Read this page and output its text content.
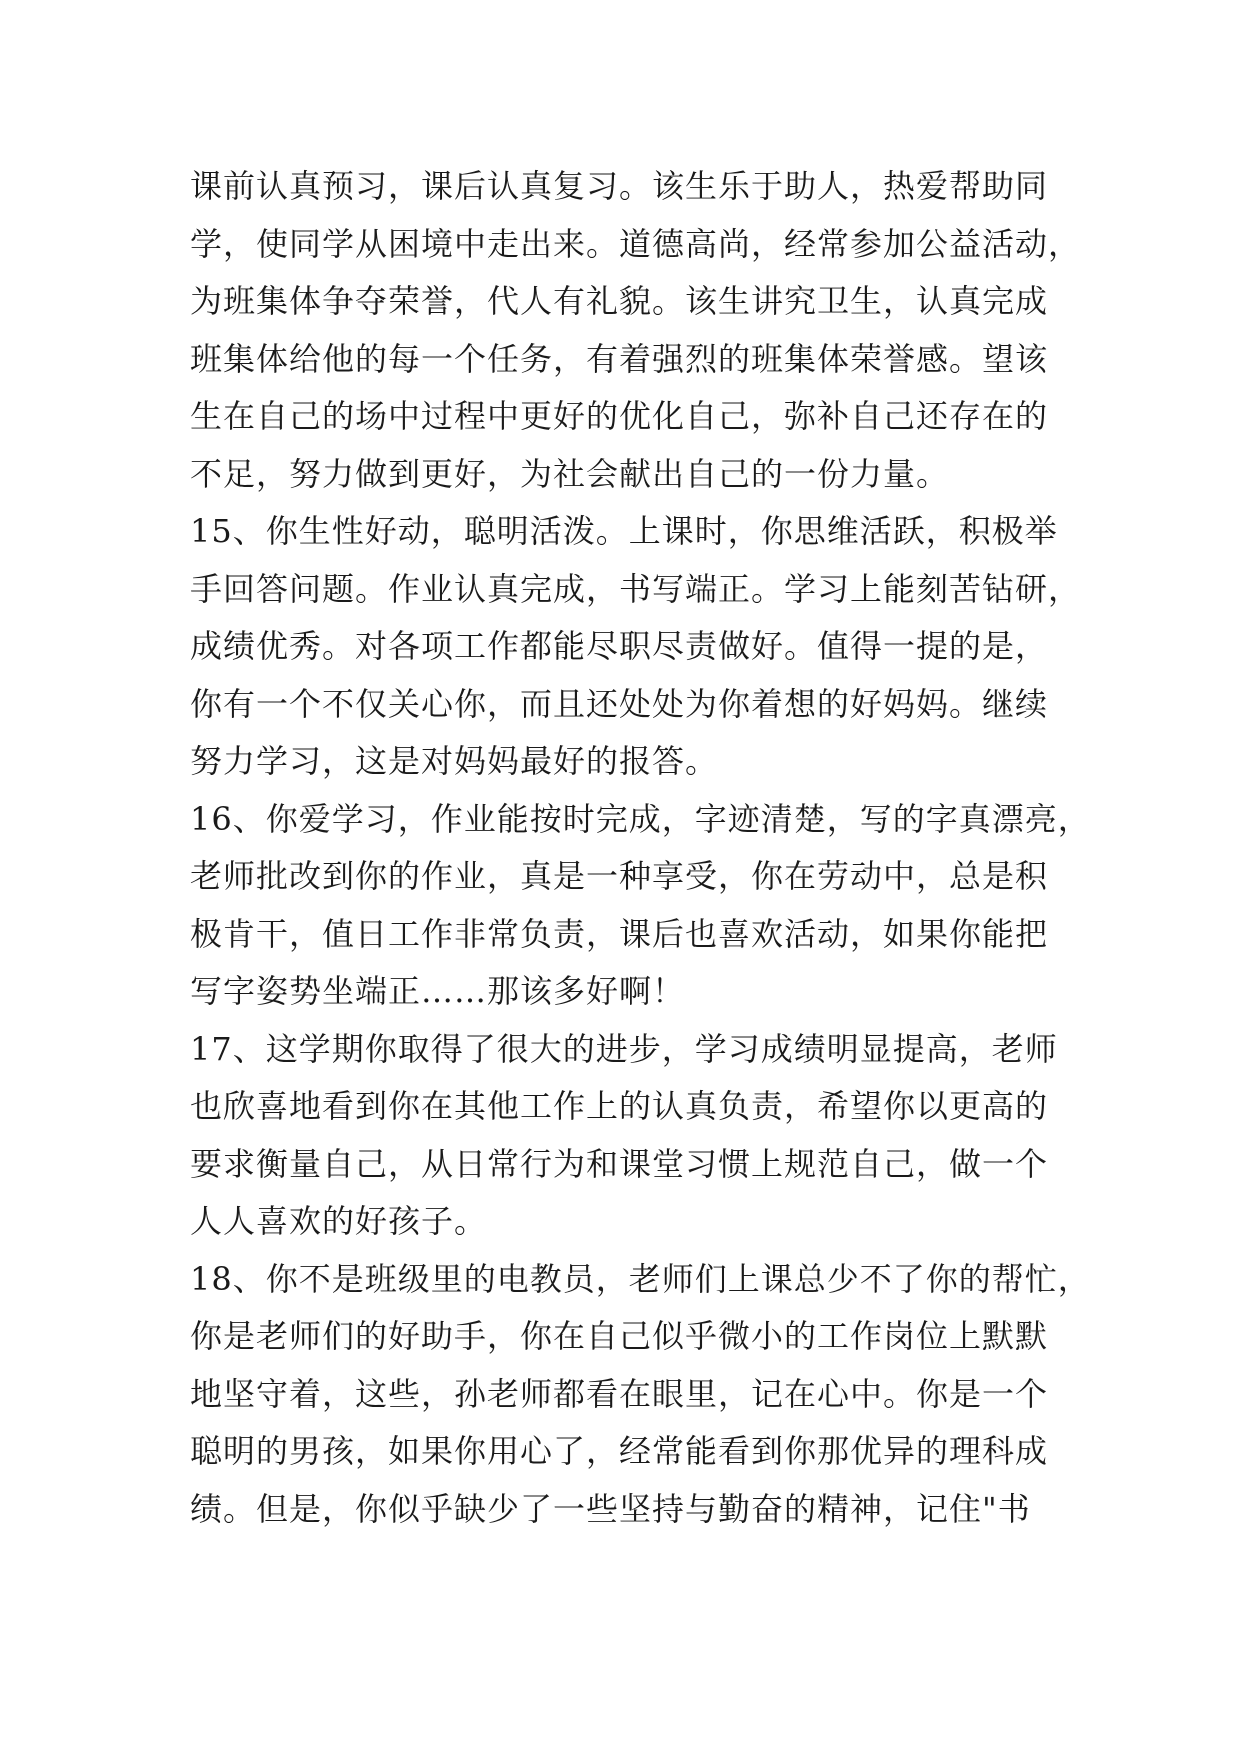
课前认真预习，课后认真复习。该生乐于助人，热爱帮助同
学，使同学从困境中走出来。道德高尚，经常参加公益活动，
为班集体争夺荣誉，代人有礼貌。该生讲究卫生，认真完成
班集体给他的每一个任务，有着强烈的班集体荣誉感。望该
生在自己的场中过程中更好的优化自己，弥补自己还存在的
不足，努力做到更好，为社会献出自己的一份力量。
15、你生性好动，聪明活泼。上课时，你思维活跃，积极举
手回答问题。作业认真完成，书写端正。学习上能刻苦钻研，
成绩优秀。对各项工作都能尽职尽责做好。值得一提的是，
你有一个不仅关心你，而且还处处为你着想的好妈妈。继续
努力学习，这是对妈妈最好的报答。
16、你爱学习，作业能按时完成，字迹清楚，写的字真漂亮，
老师批改到你的作业，真是一种享受，你在劳动中，总是积
极肯干，值日工作非常负责，课后也喜欢活动，如果你能把
写字姿势坐端正……那该多好啊！
17、这学期你取得了很大的进步，学习成绩明显提高，老师
也欣喜地看到你在其他工作上的认真负责，希望你以更高的
要求衡量自己，从日常行为和课堂习惯上规范自己，做一个
人人喜欢的好孩子。
18、你不是班级里的电教员，老师们上课总少不了你的帮忙，
你是老师们的好助手，你在自己似乎微小的工作岗位上默默
地坚守着，这些，孙老师都看在眼里，记在心中。你是一个
聪明的男孩，如果你用心了，经常能看到你那优异的理科成
绩。但是，你似乎缺少了一些坚持与勤奋的精神，记住"书
